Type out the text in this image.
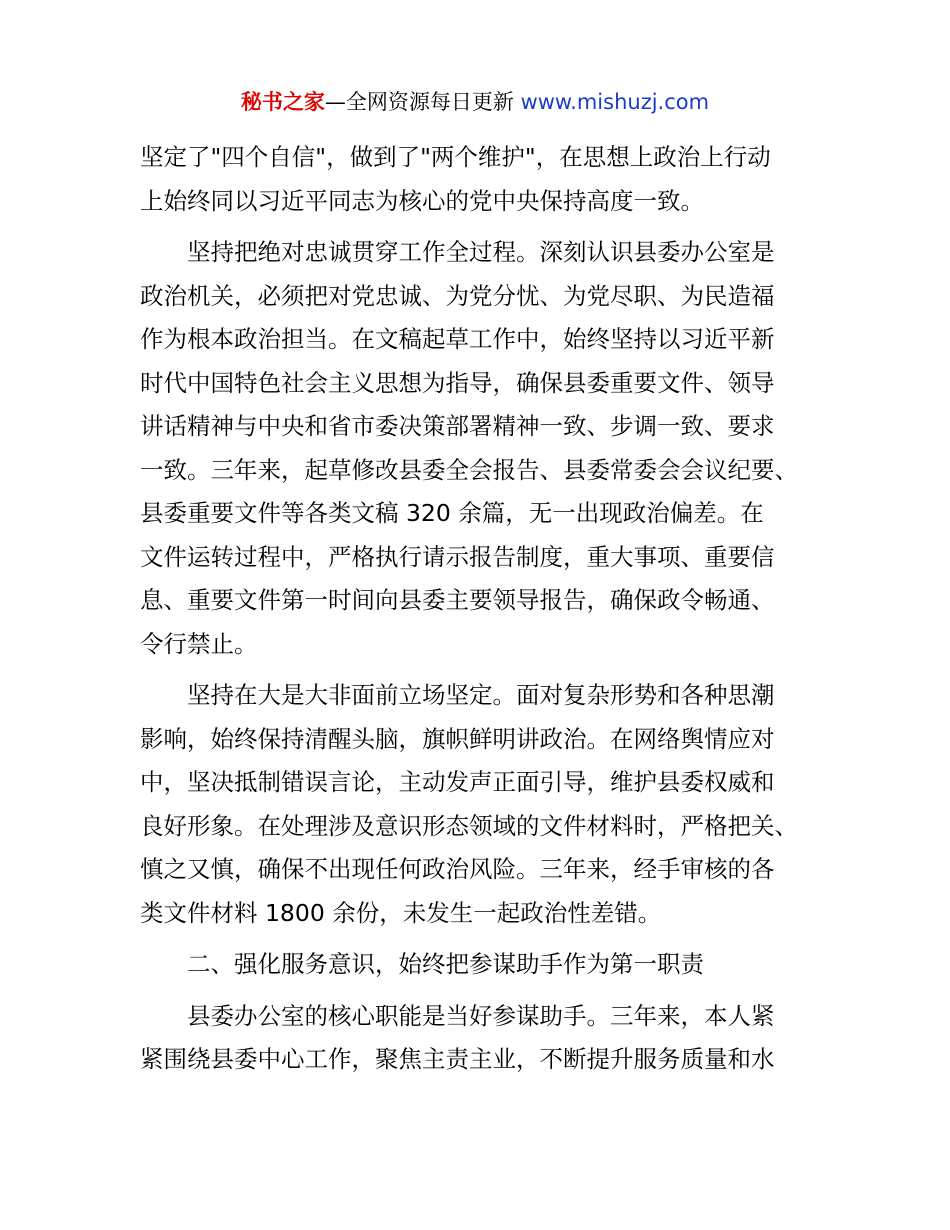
秘书之家—全网资源每日更新 www.mishuzj.com
坚定了"四个自信"，做到了"两个维护"，在思想上政治上行动
上始终同以习近平同志为核心的党中央保持高度一致。
　　坚持把绝对忠诚贯穿工作全过程。深刻认识县委办公室是
政治机关，必须把对党忠诚、为党分忧、为党尽职、为民造福
作为根本政治担当。在文稿起草工作中，始终坚持以习近平新
时代中国特色社会主义思想为指导，确保县委重要文件、领导
讲话精神与中央和省市委决策部署精神一致、步调一致、要求
一致。三年来，起草修改县委全会报告、县委常委会会议纪要、
县委重要文件等各类文稿 320 余篇，无一出现政治偏差。在
文件运转过程中，严格执行请示报告制度，重大事项、重要信
息、重要文件第一时间向县委主要领导报告，确保政令畅通、
令行禁止。
　　坚持在大是大非面前立场坚定。面对复杂形势和各种思潮
影响，始终保持清醒头脑，旗帜鲜明讲政治。在网络舆情应对
中，坚决抵制错误言论，主动发声正面引导，维护县委权威和
良好形象。在处理涉及意识形态领域的文件材料时，严格把关、
慎之又慎，确保不出现任何政治风险。三年来，经手审核的各
类文件材料 1800 余份，未发生一起政治性差错。
　　二、强化服务意识，始终把参谋助手作为第一职责
　　县委办公室的核心职能是当好参谋助手。三年来，本人紧
紧围绕县委中心工作，聚焦主责主业，不断提升服务质量和水
